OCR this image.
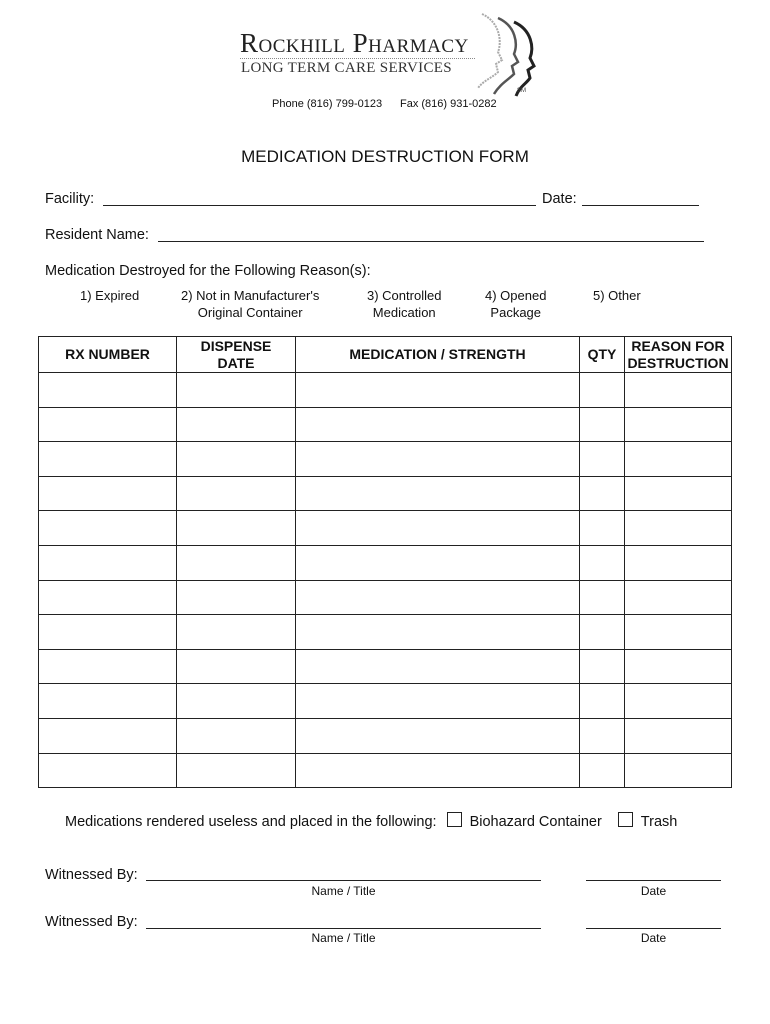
Rockhill Pharmacy
LONG TERM CARE SERVICES
SM
Phone (816) 799-0123 Fax (816) 931-0282
MEDICATION DESTRUCTION FORM
Facility:	Date:
Resident Name:
Medication Destroyed for the Following Reason(s):
1) Expired	2) Not in Manufacturer's
Original Container
3) Controlled
Medication
4) Opened
Package
5) Other
RX NUMBER	DISPENSE DATE	MEDICATION / STRENGTH	QTY	REASON FOR DESTRUCTION

Medications rendered useless and placed in the following: Biohazard Container	Trash
Witnessed By:
Name / Title	Date
Witnessed By:
Name / Title	Date
